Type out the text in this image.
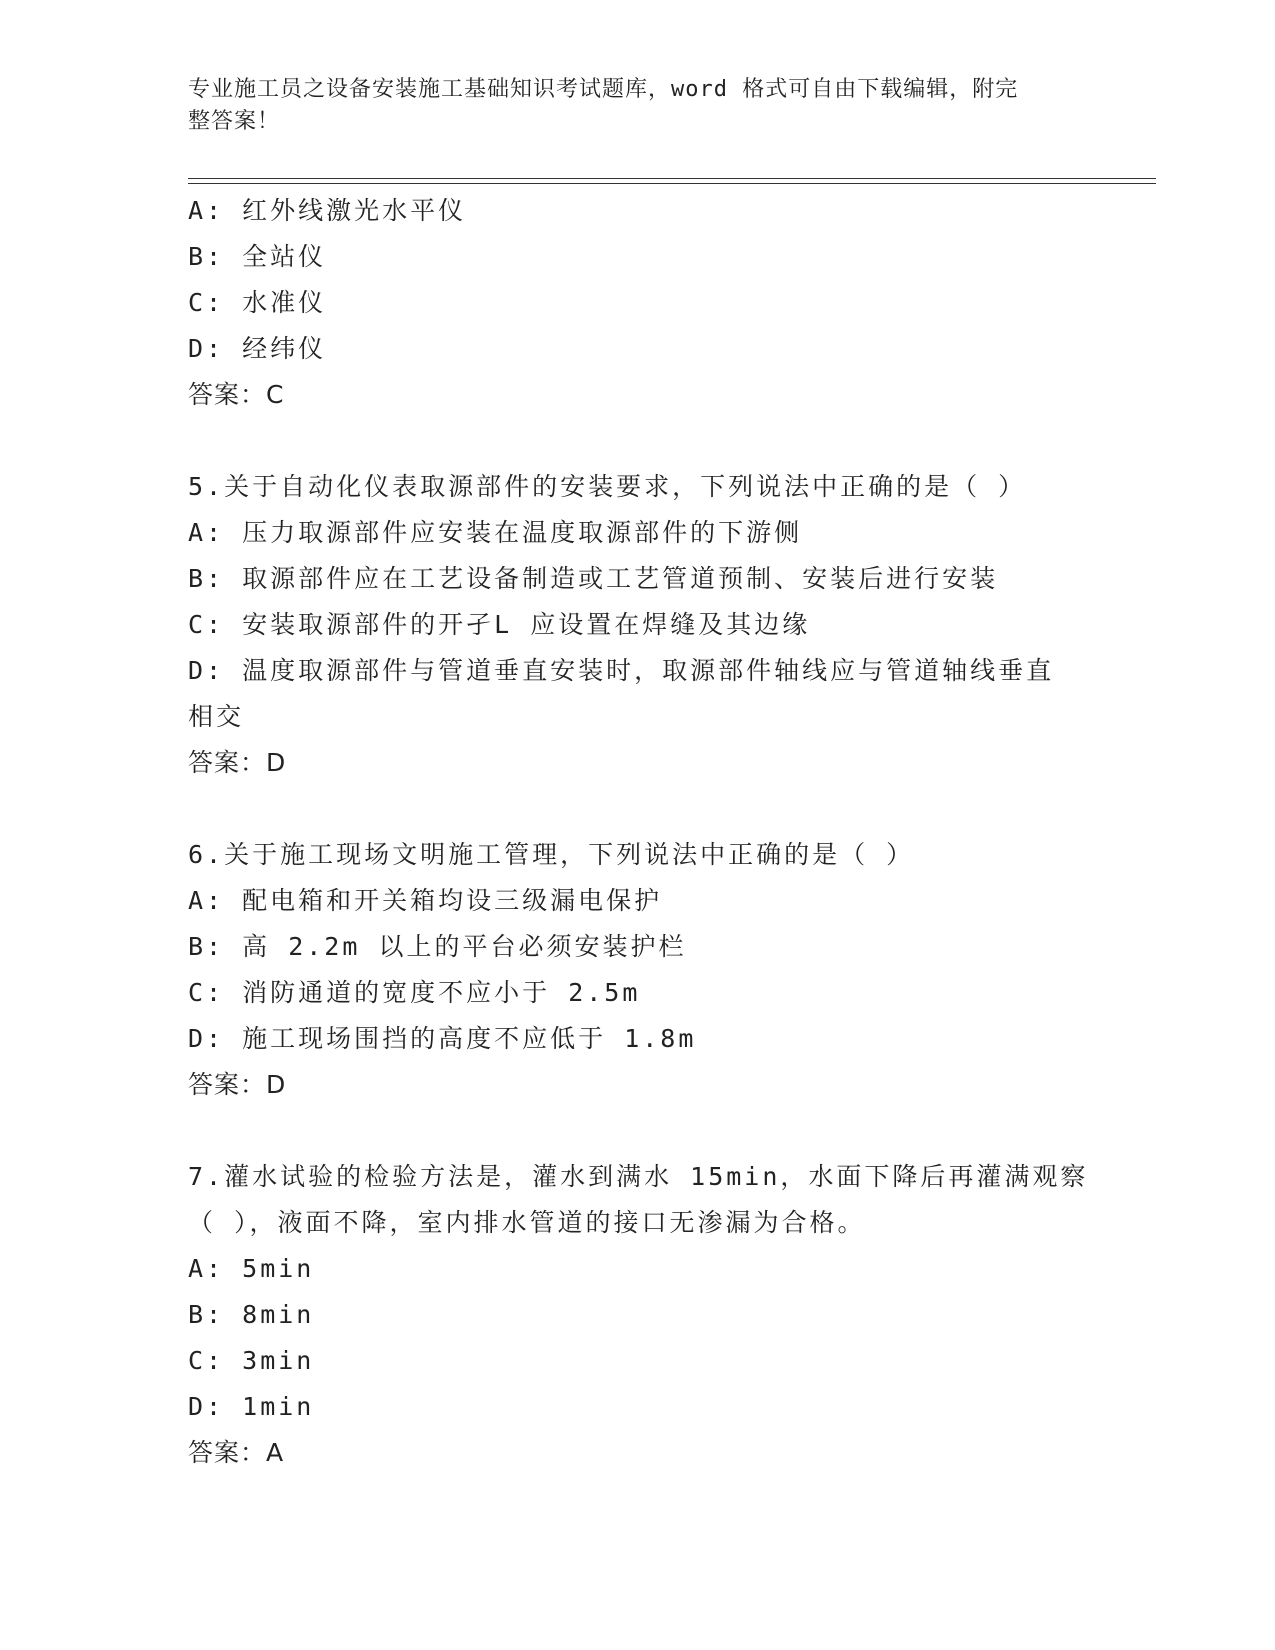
专业施工员之设备安装施工基础知识考试题库，word 格式可自由下载编辑，附完
整答案！
A: 红外线激光水平仪
B: 全站仪
C: 水准仪
D: 经纬仪
答案：C
5.关于自动化仪表取源部件的安装要求，下列说法中正确的是（ ）
A: 压力取源部件应安装在温度取源部件的下游侧
B: 取源部件应在工艺设备制造或工艺管道预制、安装后进行安装
C: 安装取源部件的开孑L 应设置在焊缝及其边缘
D: 温度取源部件与管道垂直安装时，取源部件轴线应与管道轴线垂直
相交
答案：D
6.关于施工现场文明施工管理，下列说法中正确的是（ ）
A: 配电箱和开关箱均设三级漏电保护
B: 高 2.2m 以上的平台必须安装护栏
C: 消防通道的宽度不应小于 2.5m
D: 施工现场围挡的高度不应低于 1.8m
答案：D
7.灌水试验的检验方法是，灌水到满水 15min，水面下降后再灌满观察
（ ），液面不降，室内排水管道的接口无渗漏为合格。
A: 5min
B: 8min
C: 3min
D: 1min
答案：A
